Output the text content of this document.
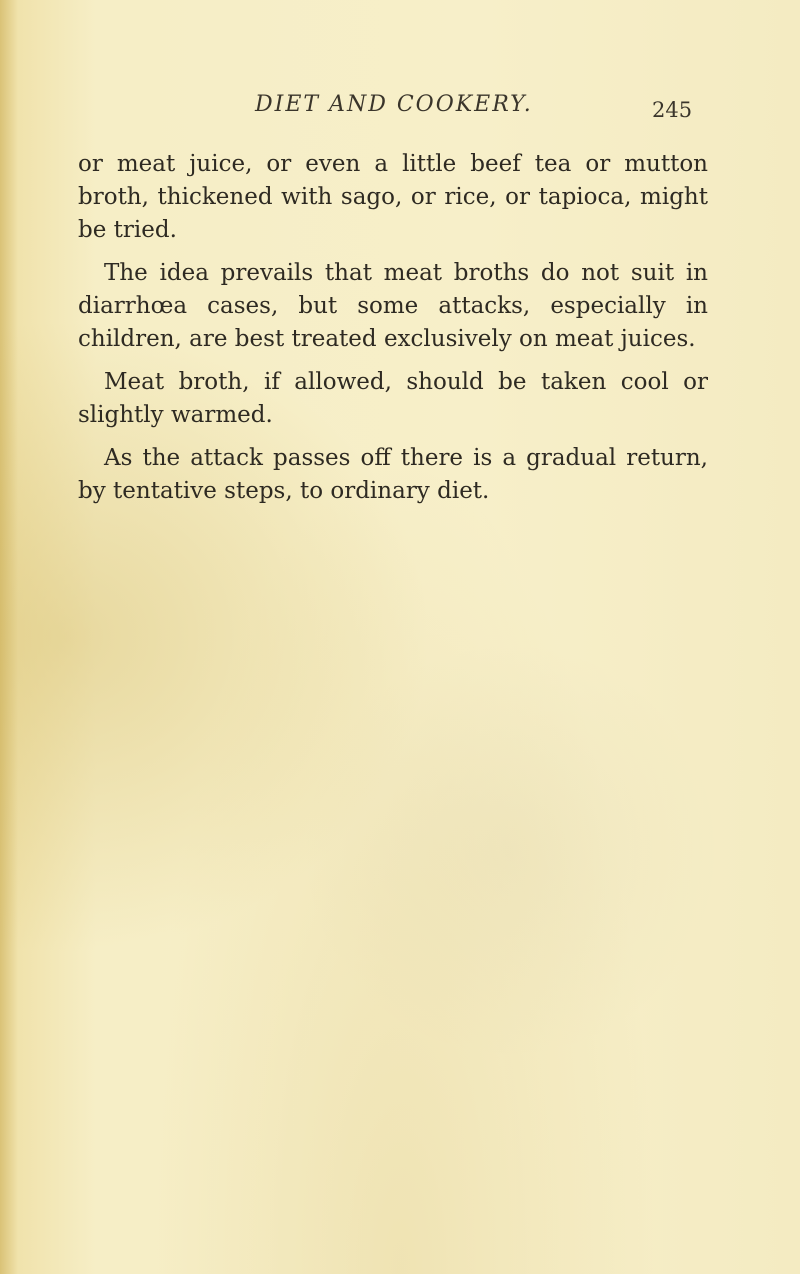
DIET AND COOKERY.	245

or meat juice, or even a little beef tea or mutton broth, thickened with sago, or rice, or tapioca, might be tried.

The idea prevails that meat broths do not suit in diarrhœa cases, but some attacks, especially in children, are best treated exclusively on meat juices.

Meat broth, if allowed, should be taken cool or slightly warmed.

As the attack passes off there is a gradual return, by tentative steps, to ordinary diet.
